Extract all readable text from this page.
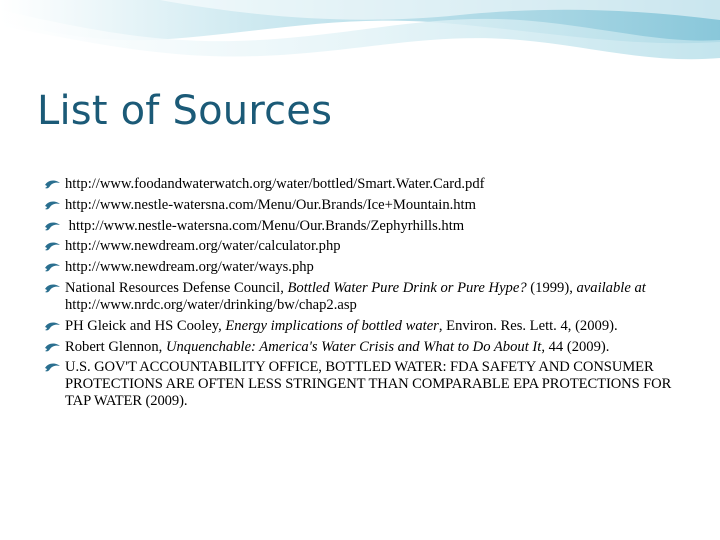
List of Sources
http://www.foodandwaterwatch.org/water/bottled/Smart.Water.Card.pdf
http://www.nestle-watersna.com/Menu/Our.Brands/Ice+Mountain.htm
http://www.nestle-watersna.com/Menu/Our.Brands/Zephyrhills.htm
http://www.newdream.org/water/calculator.php
http://www.newdream.org/water/ways.php
National Resources Defense Council, Bottled Water Pure Drink or Pure Hype? (1999), available at http://www.nrdc.org/water/drinking/bw/chap2.asp
PH Gleick and HS Cooley, Energy implications of bottled water, Environ. Res. Lett. 4, (2009).
Robert Glennon, Unquenchable: America's Water Crisis and What to Do About It, 44 (2009).
U.S. GOV'T ACCOUNTABILITY OFFICE, BOTTLED WATER: FDA SAFETY AND CONSUMER PROTECTIONS ARE OFTEN LESS STRINGENT THAN COMPARABLE EPA PROTECTIONS FOR TAP WATER (2009).
